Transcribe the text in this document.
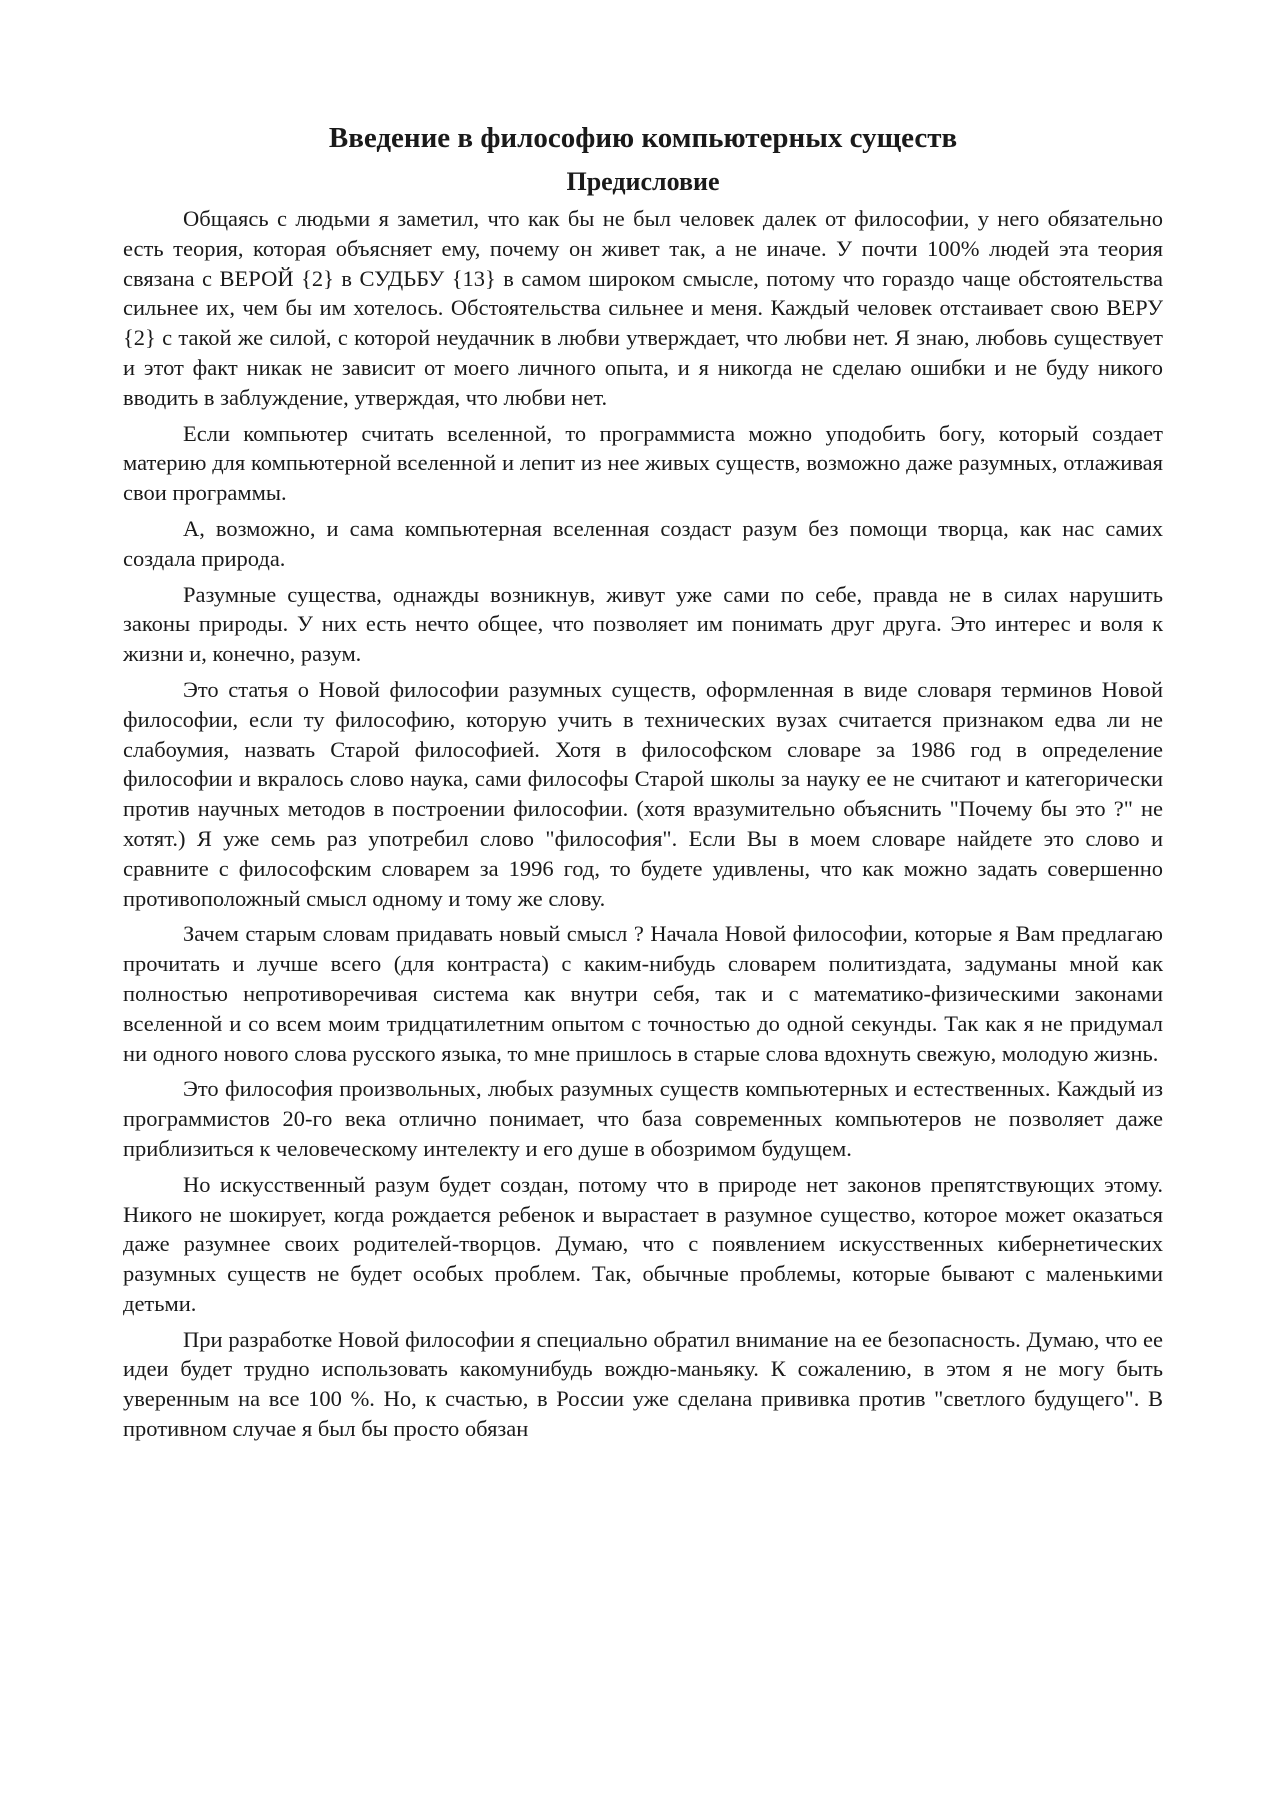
Введение в философию компьютерных существ
Предисловие

Общаясь с людьми я заметил, что как бы не был человек далек от философии, у него обязательно есть теория, которая объясняет ему, почему он живет так, а не иначе. У почти 100% людей эта теория связана с ВЕРОЙ {2} в СУДЬБУ {13} в самом широком смысле, потому что гораздо чаще обстоятельства сильнее их, чем бы им хотелось. Обстоятельства сильнее и меня. Каждый человек отстаивает свою ВЕРУ {2} с такой же силой, с которой неудачник в любви утверждает, что любви нет. Я знаю, любовь существует и этот факт никак не зависит от моего личного опыта, и я никогда не сделаю ошибки и не буду никого вводить в заблуждение, утверждая, что любви нет.

Если компьютер считать вселенной, то программиста можно уподобить богу, который создает материю для компьютерной вселенной и лепит из нее живых существ, возможно даже разумных, отлаживая свои программы.

А, возможно, и сама компьютерная вселенная создаст разум без помощи творца, как нас самих создала природа.

Разумные существа, однажды возникнув, живут уже сами по себе, правда не в силах нарушить законы природы. У них есть нечто общее, что позволяет им понимать друг друга. Это интерес и воля к жизни и, конечно, разум.

Это статья о Новой философии разумных существ, оформленная в виде словаря терминов Новой философии, если ту философию, которую учить в технических вузах считается признаком едва ли не слабоумия, назвать Старой философией. Хотя в философском словаре за 1986 год в определение философии и вкралось слово наука, сами философы Старой школы за науку ее не считают и категорически против научных методов в построении философии. (хотя вразумительно объяснить "Почему бы это ?" не хотят.) Я уже семь раз употребил слово "философия". Если Вы в моем словаре найдете это слово и сравните с философским словарем за 1996 год, то будете удивлены, что как можно задать совершенно противоположный смысл одному и тому же слову.

Зачем старым словам придавать новый смысл ? Начала Новой философии, которые я Вам предлагаю прочитать и лучше всего (для контраста) с каким-нибудь словарем политиздата, задуманы мной как полностью непротиворечивая система как внутри себя, так и с математико-физическими законами вселенной и со всем моим тридцатилетним опытом с точностью до одной секунды. Так как я не придумал ни одного нового слова русского языка, то мне пришлось в старые слова вдохнуть свежую, молодую жизнь.

Это философия произвольных, любых разумных существ компьютерных и естественных. Каждый из программистов 20-го века отлично понимает, что база современных компьютеров не позволяет даже приблизиться к человеческому интелекту и его душе в обозримом будущем.

Но искусственный разум будет создан, потому что в природе нет законов препятствующих этому. Никого не шокирует, когда рождается ребенок и вырастает в разумное существо, которое может оказаться даже разумнее своих родителей-творцов. Думаю, что с появлением искусственных кибернетических разумных существ не будет особых проблем. Так, обычные проблемы, которые бывают с маленькими детьми.

При разработке Новой философии я специально обратил внимание на ее безопасность. Думаю, что ее идеи будет трудно использовать какомунибудь вождю-маньяку. К сожалению, в этом я не могу быть уверенным на все 100 %. Но, к счастью, в России уже сделана прививка против "светлого будущего". В противном случае я был бы просто обязан
